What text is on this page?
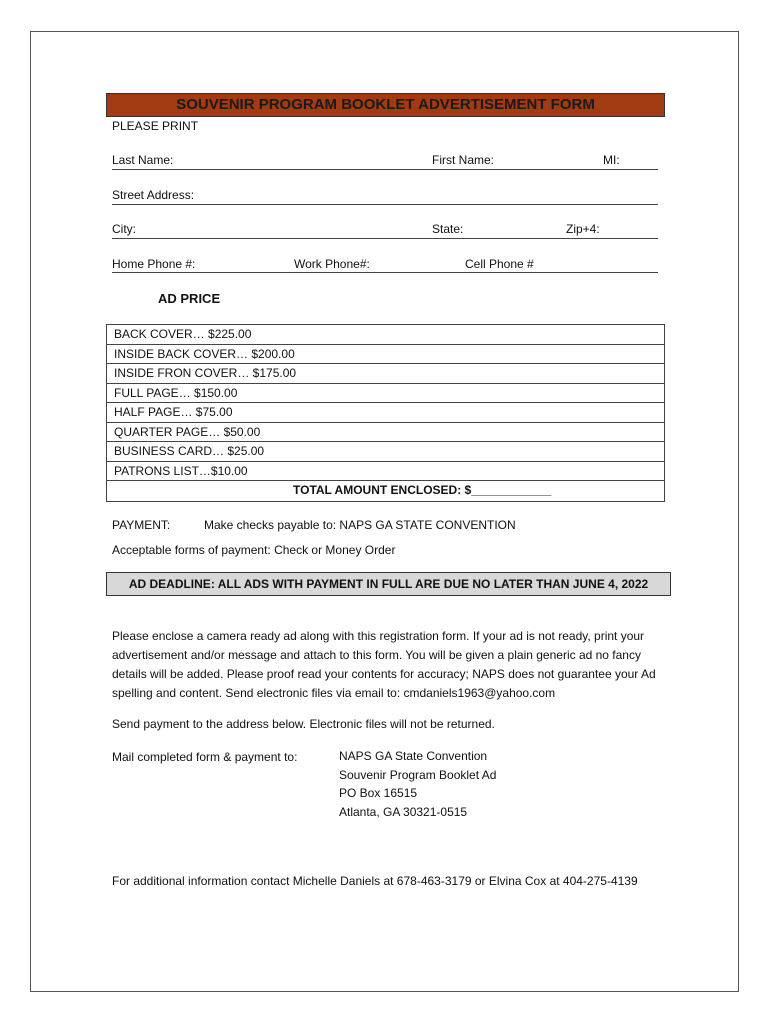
SOUVENIR PROGRAM BOOKLET ADVERTISEMENT FORM
PLEASE PRINT
Last Name:	First Name:	MI:
Street Address:
City:	State:	Zip+4:
Home Phone #:	Work Phone#:	Cell Phone #
AD PRICE
BACK COVER… $225.00
INSIDE BACK COVER… $200.00
INSIDE FRON COVER… $175.00
FULL PAGE… $150.00
HALF PAGE… $75.00
QUARTER PAGE… $50.00
BUSINESS CARD… $25.00
PATRONS LIST…$10.00
TOTAL AMOUNT ENCLOSED: $____________
PAYMENT:	Make checks payable to: NAPS GA STATE CONVENTION
Acceptable forms of payment: Check or Money Order
AD DEADLINE: ALL ADS WITH PAYMENT IN FULL ARE DUE NO LATER THAN JUNE 4, 2022
Please enclose a camera ready ad along with this registration form. If your ad is not ready, print your advertisement and/or message and attach to this form. You will be given a plain generic ad no fancy details will be added. Please proof read your contents for accuracy; NAPS does not guarantee your Ad spelling and content. Send electronic files via email to: cmdaniels1963@yahoo.com
Send payment to the address below. Electronic files will not be returned.
Mail completed form & payment to:	NAPS GA State Convention
Souvenir Program Booklet Ad
PO Box 16515
Atlanta, GA 30321-0515
For additional information contact Michelle Daniels at 678-463-3179 or Elvina Cox at 404-275-4139
